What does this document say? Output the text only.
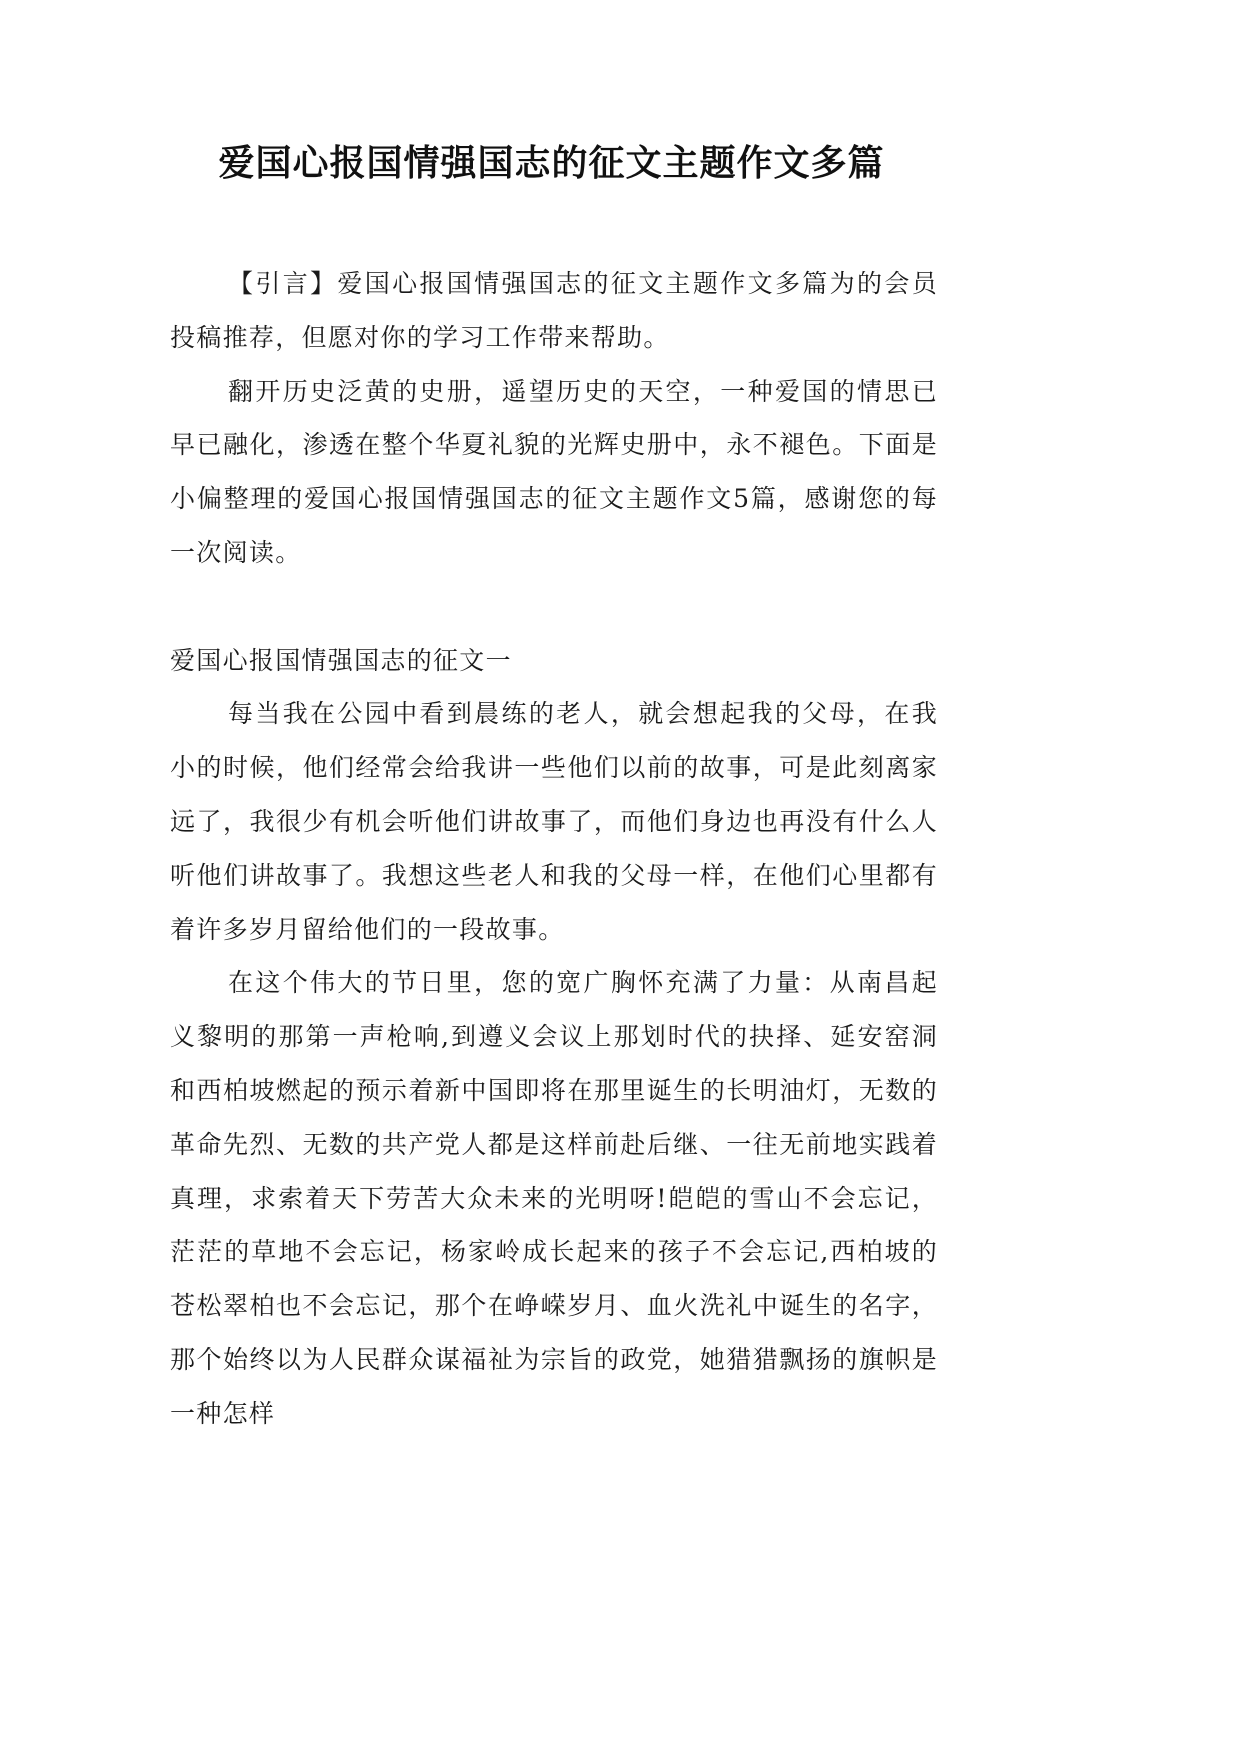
爱国心报国情强国志的征文主题作文多篇

【引言】爱国心报国情强国志的征文主题作文多篇为的会员投稿推荐，但愿对你的学习工作带来帮助。

翻开历史泛黄的史册，遥望历史的天空，一种爱国的情思已早已融化，渗透在整个华夏礼貌的光辉史册中，永不褪色。下面是小偏整理的爱国心报国情强国志的征文主题作文5篇，感谢您的每一次阅读。

爱国心报国情强国志的征文一

每当我在公园中看到晨练的老人，就会想起我的父母，在我小的时候，他们经常会给我讲一些他们以前的故事，可是此刻离家远了，我很少有机会听他们讲故事了，而他们身边也再没有什么人听他们讲故事了。我想这些老人和我的父母一样，在他们心里都有着许多岁月留给他们的一段故事。

在这个伟大的节日里，您的宽广胸怀充满了力量：从南昌起义黎明的那第一声枪响,到遵义会议上那划时代的抉择、延安窑洞和西柏坡燃起的预示着新中国即将在那里诞生的长明油灯，无数的革命先烈、无数的共产党人都是这样前赴后继、一往无前地实践着真理，求索着天下劳苦大众未来的光明呀!皑皑的雪山不会忘记，茫茫的草地不会忘记，杨家岭成长起来的孩子不会忘记,西柏坡的苍松翠柏也不会忘记，那个在峥嵘岁月、血火洗礼中诞生的名字，那个始终以为人民群众谋福祉为宗旨的政党，她猎猎飘扬的旗帜是一种怎样
